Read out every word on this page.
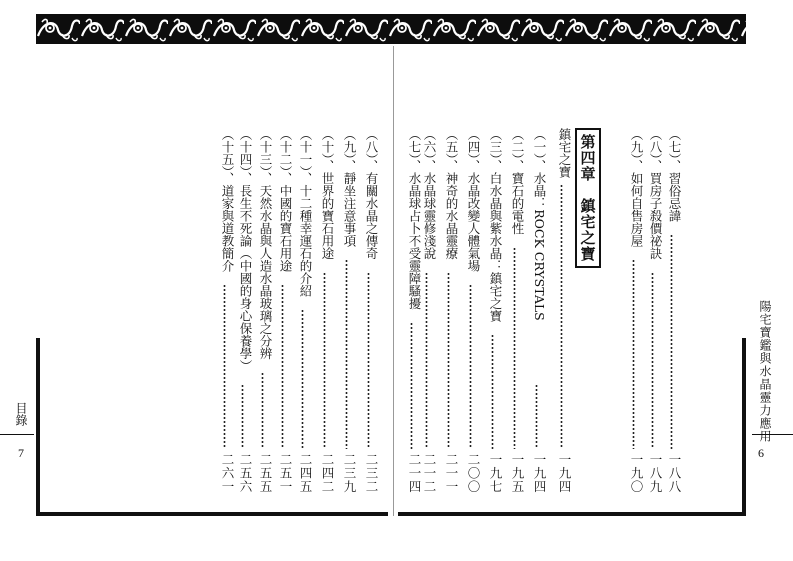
陽宅寶鑑與水晶靈力應用
6
目錄
7
第四章　鎮宅之寶	（七）、習俗忌諱
一八八
（八）、買房子殺價祕訣
一八九
（九）、如何自售房屋
一九〇
鎮宅之寶
一九四
（一）、水晶：ROCK CRYSTALS
一九四
（二）、寶石的電性
一九五
（三）、白水晶與紫水晶：鎮宅之寶
一九七
（四）、水晶改變人體氣場
二〇〇
（五）、神奇的水晶靈療
二一一
（六）、水晶球靈修淺說
二一二
（七）、水晶球占卜不受靈障騷擾
二一四
（八）、有關水晶之傳奇
二三二
（九）、靜坐注意事項
二三九
（十）、世界的寶石用途
二四二
（十一）、十二種幸運石的介紹
二四五
（十二）、中國的寶石用途
二五一
（十三）、天然水晶與人造水晶玻璃之分辨
二五五
（十四）、長生不死論（中國的身心保養學）
二五六
（十五）、道家與道教簡介
二六一
